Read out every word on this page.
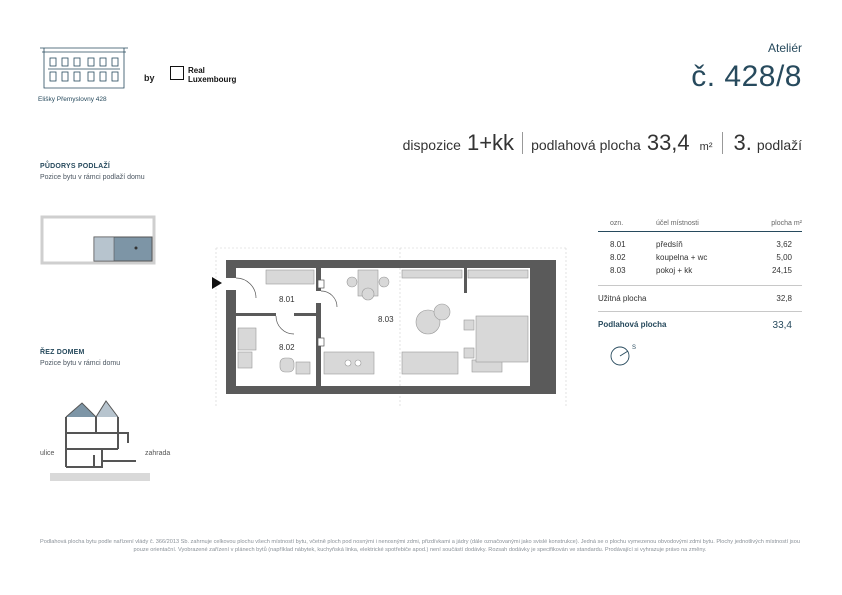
Elišky Přemyslovny 428
by
Real
Luxembourg
Ateliér
č. 428/8
dispozice 1+kk podlahová plocha 33,4 m² 3. podlaží
PŮDORYS PODLAŽÍ
Pozice bytu v rámci podlaží domu
ŘEZ DOMEM
Pozice bytu v rámci domu
ulice	zahrada
8.01
8.02
8.03
ozn.	účel místnosti	plocha m²
8.01	předsíň	3,62
8.02	koupelna + wc	5,00
8.03	pokoj + kk	24,15
Užitná plocha	32,8
Podlahová plocha	33,4
S
Podlahová plocha bytu podle nařízení vlády č. 366/2013 Sb. zahrnuje celkovou plochu všech místností bytu, včetně ploch pod nosnými i nenosnými zdmi, přizdívkami a jádry (dále označovanými jako svislé konstrukce). Jedná se o plochu vymezenou obvodovými zdmi bytu. Plochy jednotlivých místností jsou pouze orientační. Vyobrazené zařízení v plánech bytů (například nábytek, kuchyňská linka, elektrické spotřebiče apod.) není součástí dodávky. Rozsah dodávky je specifikován ve standardu. Prodávající si vyhrazuje právo na změny.
